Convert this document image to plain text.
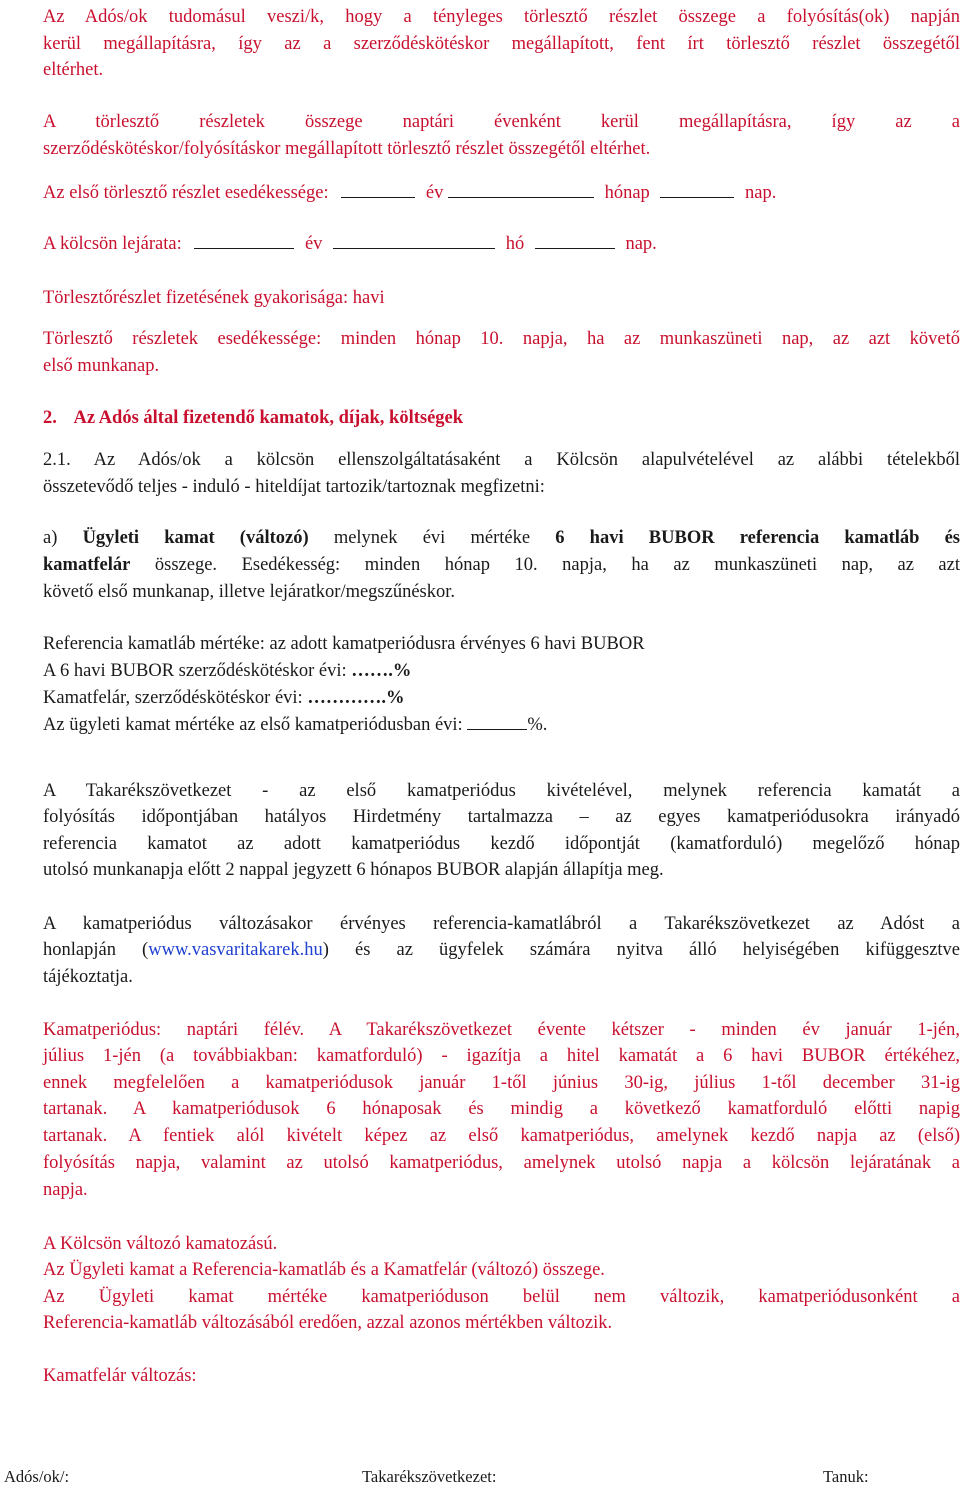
Az Adós/ok tudomásul veszi/k, hogy a tényleges törlesztő részlet összege a folyósítás(ok) napján
kerül megállapításra, így az a szerződéskötéskor megállapított, fent írt törlesztő részlet összegétől
eltérhet.
A törlesztő részletek összege naptári évenként kerül megállapításra, így az a
szerződéskötéskor/folyósításkor megállapított törlesztő részlet összegétől eltérhet.
Az első törlesztő részlet esedékessége:	év	hónap	nap.
A kölcsön lejárata:	év	hó	nap.
Törlesztőrészlet fizetésének gyakorisága: havi
Törlesztő részletek esedékessége: minden hónap 10. napja, ha az munkaszüneti nap, az azt követő
első munkanap.
2. Az Adós által fizetendő kamatok, díjak, költségek
2.1. Az Adós/ok a kölcsön ellenszolgáltatásaként a Kölcsön alapulvételével az alábbi tételekből
összetevődő teljes - induló - hiteldíjat tartozik/tartoznak megfizetni:
a) Ügyleti kamat (változó) melynek évi mértéke 6 havi BUBOR referencia kamatláb és
kamatfelár összege. Esedékesség: minden hónap 10. napja, ha az munkaszüneti nap, az azt
követő első munkanap, illetve lejáratkor/megszűnéskor.
Referencia kamatláb mértéke: az adott kamatperiódusra érvényes 6 havi BUBOR
A 6 havi BUBOR szerződéskötéskor évi: …….%
Kamatfelár, szerződéskötéskor évi: ………….%
Az ügyleti kamat mértéke az első kamatperiódusban évi:	%.
A Takarékszövetkezet - az első kamatperiódus kivételével, melynek referencia kamatát a
folyósítás időpontjában hatályos Hirdetmény tartalmazza – az egyes kamatperiódusokra irányadó
referencia kamatot az adott kamatperiódus kezdő időpontját (kamatforduló) megelőző hónap
utolsó munkanapja előtt 2 nappal jegyzett 6 hónapos BUBOR alapján állapítja meg.
A kamatperiódus változásakor érvényes referencia-kamatlábról a Takarékszövetkezet az Adóst a
honlapján (www.vasvaritakarek.hu) és az ügyfelek számára nyitva álló helyiségében kifüggesztve
tájékoztatja.
Kamatperiódus: naptári félév. A Takarékszövetkezet évente kétszer - minden év január 1-jén,
július 1-jén (a továbbiakban: kamatforduló) - igazítja a hitel kamatát a 6 havi BUBOR értékéhez,
ennek megfelelően a kamatperiódusok január 1-től június 30-ig, július 1-től december 31-ig
tartanak. A kamatperiódusok 6 hónaposak és mindig a következő kamatforduló előtti napig
tartanak. A fentiek alól kivételt képez az első kamatperiódus, amelynek kezdő napja az (első)
folyósítás napja, valamint az utolsó kamatperiódus, amelynek utolsó napja a kölcsön lejáratának a
napja.
A Kölcsön változó kamatozású.
Az Ügyleti kamat a Referencia-kamatláb és a Kamatfelár (változó) összege.
Az Ügyleti kamat mértéke kamatperióduson belül nem változik, kamatperiódusonként a
Referencia-kamatláb változásából eredően, azzal azonos mértékben változik.
Kamatfelár változás:
Adós/ok/:	Takarékszövetkezet:	Tanuk:
